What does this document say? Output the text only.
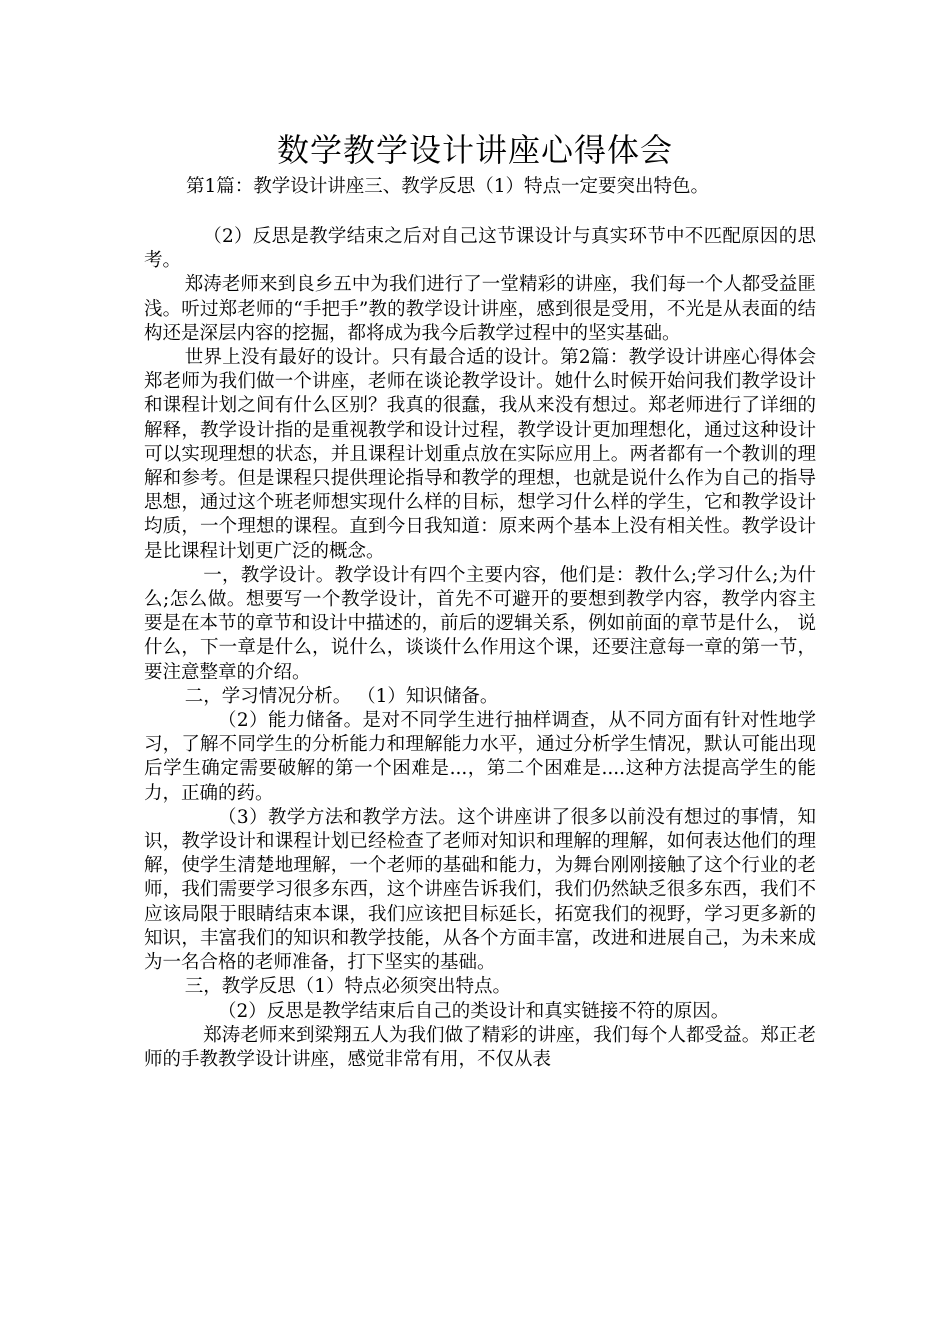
数学教学设计讲座心得体会
第1篇：教学设计讲座三、教学反思（1）特点一定要突出特色。

（2）反思是教学结束之后对自己这节课设计与真实环节中不匹配原因的思考。

郑涛老师来到良乡五中为我们进行了一堂精彩的讲座，我们每一个人都受益匪浅。听过郑老师的“手把手”教的教学设计讲座，感到很是受用，不光是从表面的结构还是深层内容的挖掘，都将成为我今后教学过程中的坚实基础。

世界上没有最好的设计。只有最合适的设计。第2篇：教学设计讲座心得体会 郑老师为我们做一个讲座，老师在谈论教学设计。她什么时候开始问我们教学设计和课程计划之间有什么区别？我真的很蠢，我从来没有想过。郑老师进行了详细的解释，教学设计指的是重视教学和设计过程，教学设计更加理想化，通过这种设计可以实现理想的状态，并且课程计划重点放在实际应用上。两者都有一个教训的理解和参考。但是课程只提供理论指导和教学的理想，也就是说什么作为自己的指导思想，通过这个班老师想实现什么样的目标，想学习什么样的学生，它和教学设计均质，一个理想的课程。直到今日我知道：原来两个基本上没有相关性。教学设计是比课程计划更广泛的概念。

一，教学设计。教学设计有四个主要内容，他们是：教什么;学习什么;为什么;怎么做。想要写一个教学设计，首先不可避开的要想到教学内容，教学内容主要是在本节的章节和设计中描述的，前后的逻辑关系，例如前面的章节是什么， 说什么，下一章是什么，说什么，谈谈什么作用这个课，还要注意每一章的第一节，要注意整章的介绍。

二，学习情况分析。 （1）知识储备。

（2）能力储备。是对不同学生进行抽样调查，从不同方面有针对性地学习，了解不同学生的分析能力和理解能力水平，通过分析学生情况，默认可能出现后学生确定需要破解的第一个困难是...，第二个困难是....这种方法提高学生的能力，正确的药。

（3）教学方法和教学方法。这个讲座讲了很多以前没有想过的事情，知识，教学设计和课程计划已经检查了老师对知识和理解的理解，如何表达他们的理解，使学生清楚地理解，一个老师的基础和能力，为舞台刚刚接触了这个行业的老师，我们需要学习很多东西，这个讲座告诉我们，我们仍然缺乏很多东西，我们不应该局限于眼睛结束本课，我们应该把目标延长，拓宽我们的视野，学习更多新的 知识，丰富我们的知识和教学技能，从各个方面丰富，改进和进展自己，为未来成为一名合格的老师准备，打下坚实的基础。

三，教学反思（1）特点必须突出特点。

（2）反思是教学结束后自己的类设计和真实链接不符的原因。

郑涛老师来到梁翔五人为我们做了精彩的讲座，我们每个人都受益。郑正老师的手教教学设计讲座，感觉非常有用，不仅从表
